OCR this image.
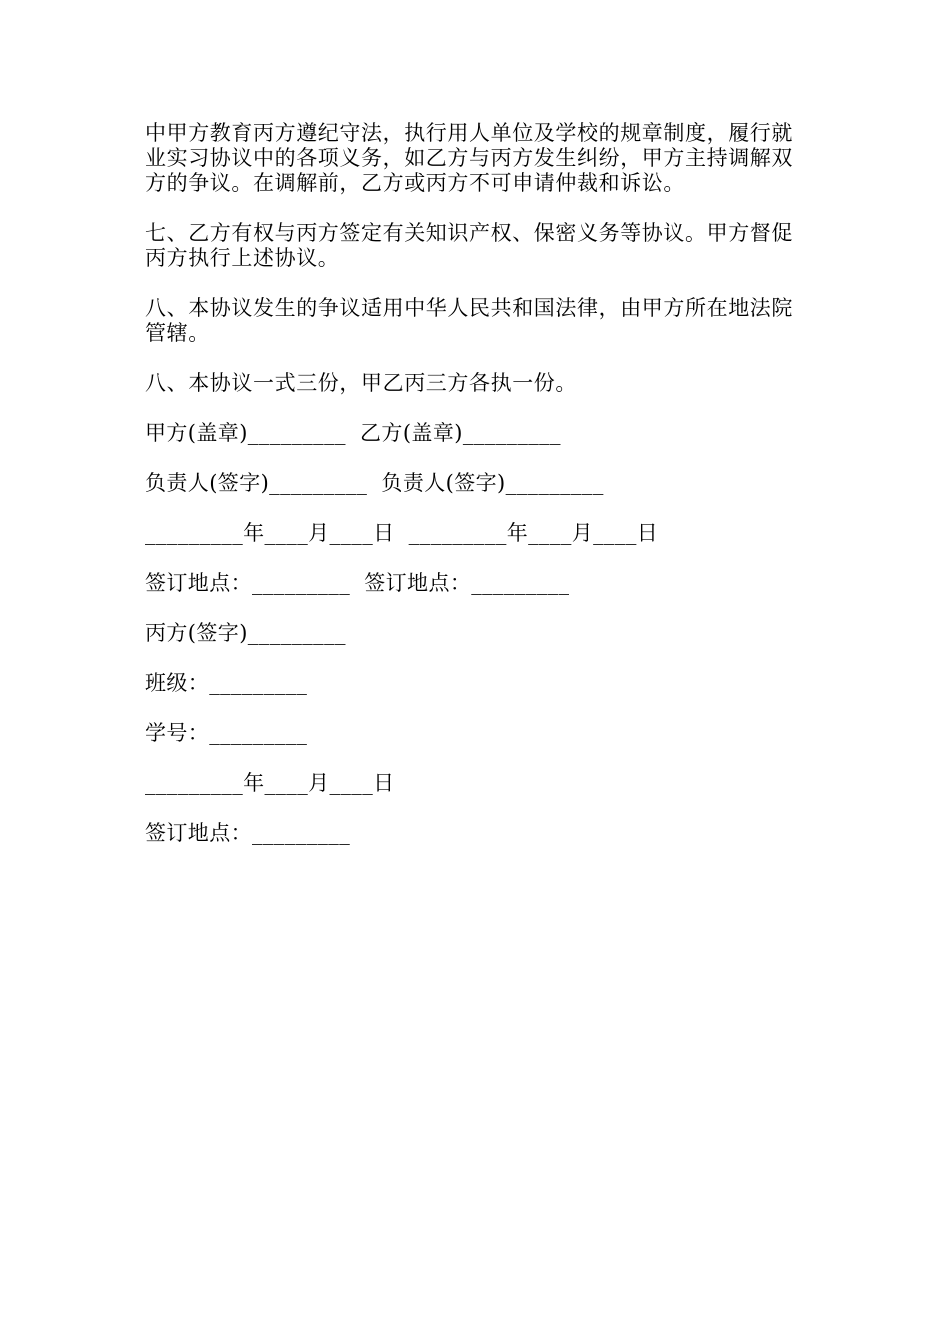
中甲方教育丙方遵纪守法，执行用人单位及学校的规章制度，履行就业实习协议中的各项义务，如乙方与丙方发生纠纷，甲方主持调解双方的争议。在调解前，乙方或丙方不可申请仲裁和诉讼。

七、乙方有权与丙方签定有关知识产权、保密义务等协议。甲方督促丙方执行上述协议。

八、本协议发生的争议适用中华人民共和国法律，由甲方所在地法院管辖。

八、本协议一式三份，甲乙丙三方各执一份。

甲方(盖章)_________  乙方(盖章)_________
负责人(签字)_________  负责人(签字)_________
_________年____月____日  _________年____月____日
签订地点：_________  签订地点：_________
丙方(签字)_________
班级：_________
学号：_________
_________年____月____日
签订地点：_________
